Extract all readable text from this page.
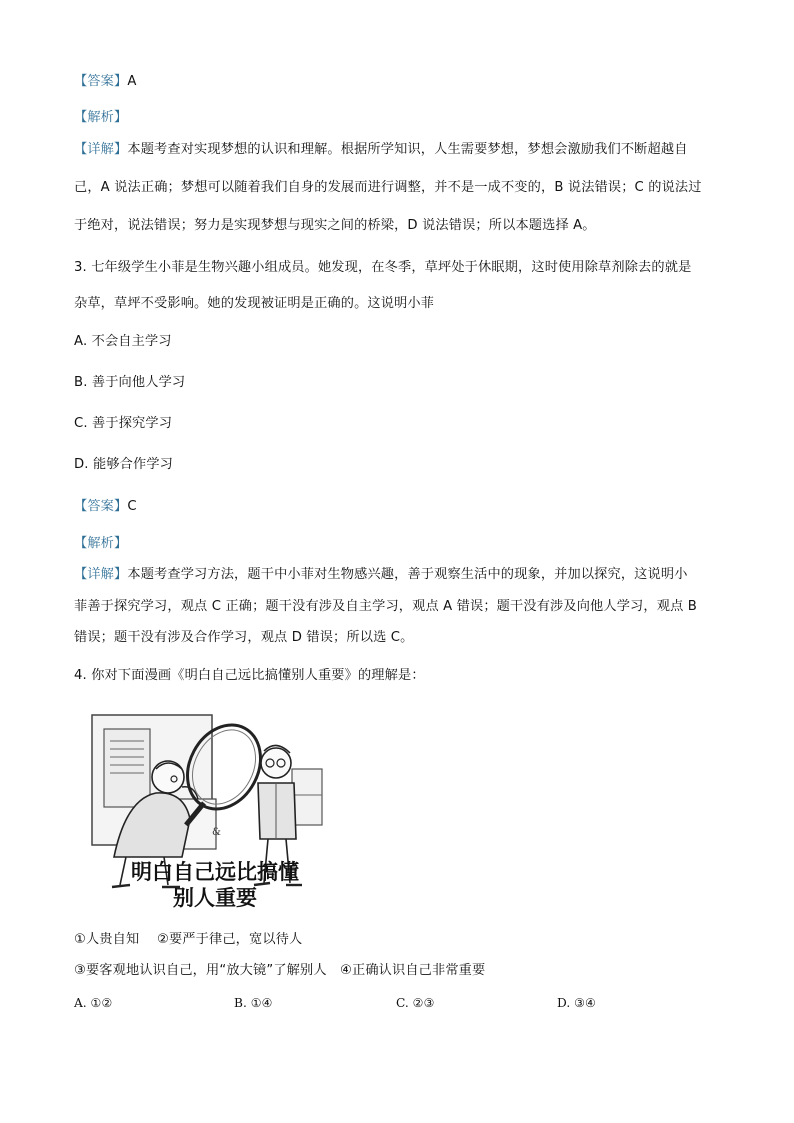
【答案】A
【解析】
【详解】本题考查对实现梦想的认识和理解。根据所学知识，人生需要梦想，梦想会激励我们不断超越自
己，A 说法正确；梦想可以随着我们自身的发展而进行调整，并不是一成不变的，B 说法错误；C 的说法过
于绝对，说法错误；努力是实现梦想与现实之间的桥梁，D 说法错误；所以本题选择 A。
3. 七年级学生小菲是生物兴趣小组成员。她发现，在冬季，草坪处于休眠期，这时使用除草剂除去的就是
杂草，草坪不受影响。她的发现被证明是正确的。这说明小菲
A. 不会自主学习
B. 善于向他人学习
C. 善于探究学习
D. 能够合作学习
【答案】C
【解析】
【详解】本题考查学习方法，题干中小菲对生物感兴趣，善于观察生活中的现象，并加以探究，这说明小
菲善于探究学习，观点 C 正确；题干没有涉及自主学习，观点 A 错误；题干没有涉及向他人学习，观点 B
错误；题干没有涉及合作学习，观点 D 错误；所以选 C。
4. 你对下面漫画《明白自己远比搞懂别人重要》的理解是：
&
明白自己远比搞懂
别人重要
①人贵自知　 ②要严于律己，宽以待人
③要客观地认识自己，用“放大镜”了解别人　④正确认识自己非常重要
A. ①②	B. ①④	C. ②③	D. ③④
